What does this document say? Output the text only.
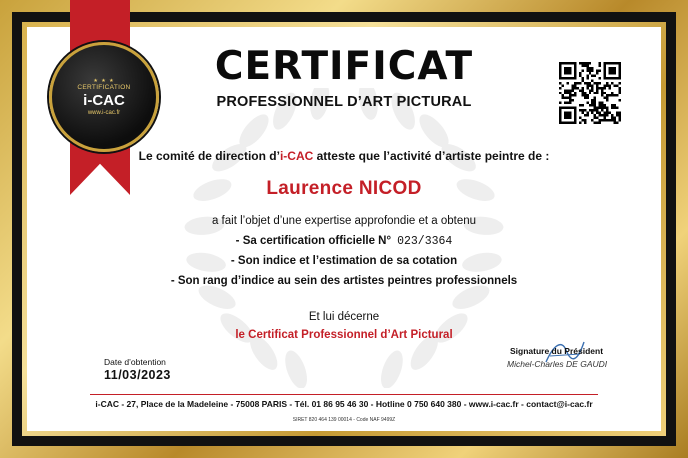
★ ★ ★
CERTIFICATION
i-CAC
www.i-cac.fr
CERTIFICAT
PROFESSIONNEL D’ART PICTURAL
Le comité de direction d’i-CAC atteste que l’activité d’artiste peintre de :
Laurence NICOD
a fait l’objet d’une expertise approfondie et a obtenu
- Sa certification officielle N° 023/3364
- Son indice et l’estimation de sa cotation
- Son rang d’indice au sein des artistes peintres professionnels
Et lui décerne
le Certificat Professionnel d’Art Pictural
Date d’obtention
11/03/2023
Signature du Président
Michel-Charles DE GAUDI
i-CAC - 27, Place de la Madeleine - 75008 PARIS - Tél. 01 86 95 46 30 - Hotline 0 750 640 380 - www.i-cac.fr - contact@i-cac.fr
SIRET 820 464 139 00014 - Code NAF 9499Z
